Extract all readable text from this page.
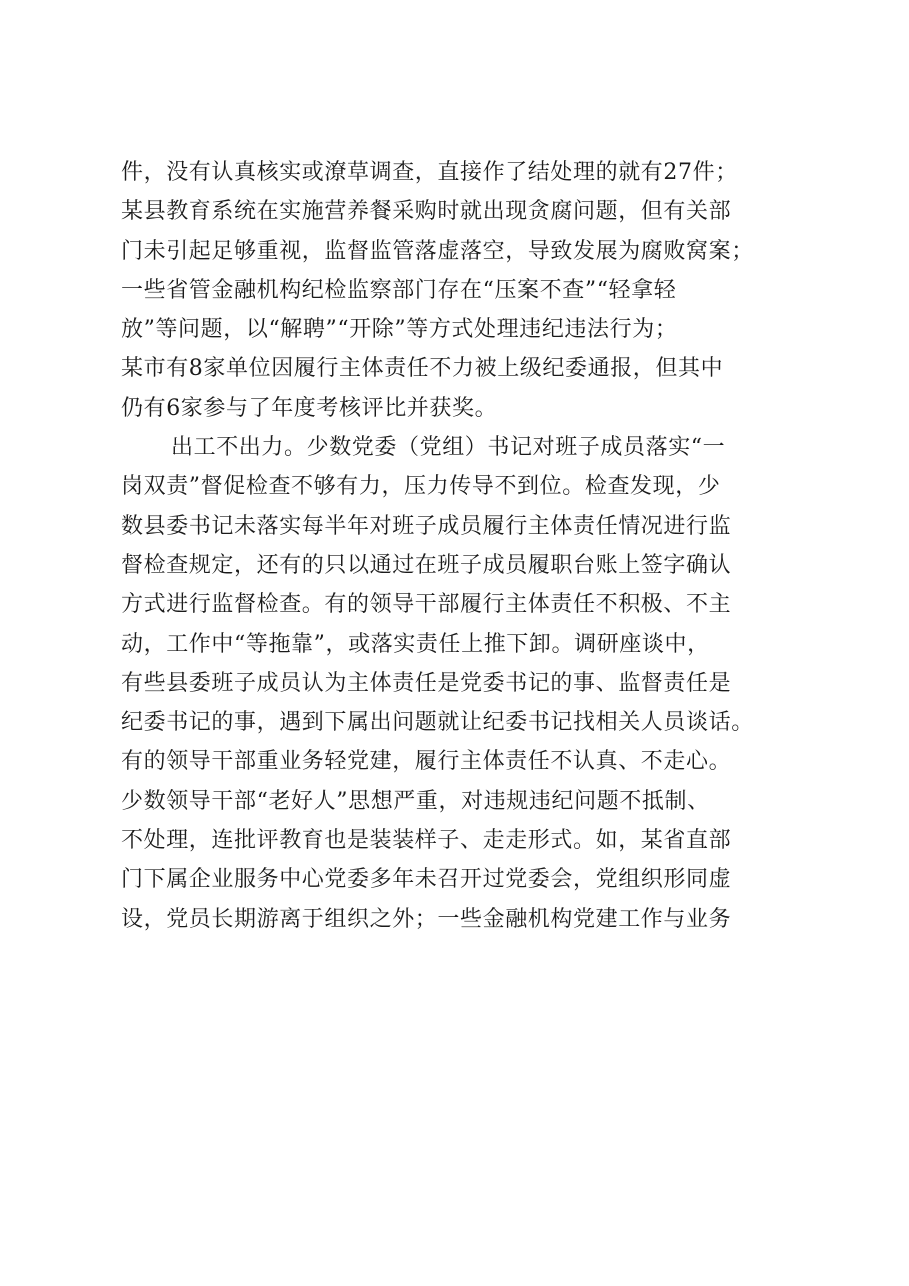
件，没有认真核实或潦草调查，直接作了结处理的就有27件；
某县教育系统在实施营养餐采购时就出现贪腐问题，但有关部
门未引起足够重视，监督监管落虚落空，导致发展为腐败窝案；
一些省管金融机构纪检监察部门存在“压案不查”“轻拿轻
放”等问题，以“解聘”“开除”等方式处理违纪违法行为；
某市有8家单位因履行主体责任不力被上级纪委通报，但其中
仍有6家参与了年度考核评比并获奖。
出工不出力。少数党委（党组）书记对班子成员落实“一
岗双责”督促检查不够有力，压力传导不到位。检查发现，少
数县委书记未落实每半年对班子成员履行主体责任情况进行监
督检查规定，还有的只以通过在班子成员履职台账上签字确认
方式进行监督检查。有的领导干部履行主体责任不积极、不主
动，工作中“等拖靠”，或落实责任上推下卸。调研座谈中，
有些县委班子成员认为主体责任是党委书记的事、监督责任是
纪委书记的事，遇到下属出问题就让纪委书记找相关人员谈话。
有的领导干部重业务轻党建，履行主体责任不认真、不走心。
少数领导干部“老好人”思想严重，对违规违纪问题不抵制、
不处理，连批评教育也是装装样子、走走形式。如，某省直部
门下属企业服务中心党委多年未召开过党委会，党组织形同虚
设，党员长期游离于组织之外；一些金融机构党建工作与业务
